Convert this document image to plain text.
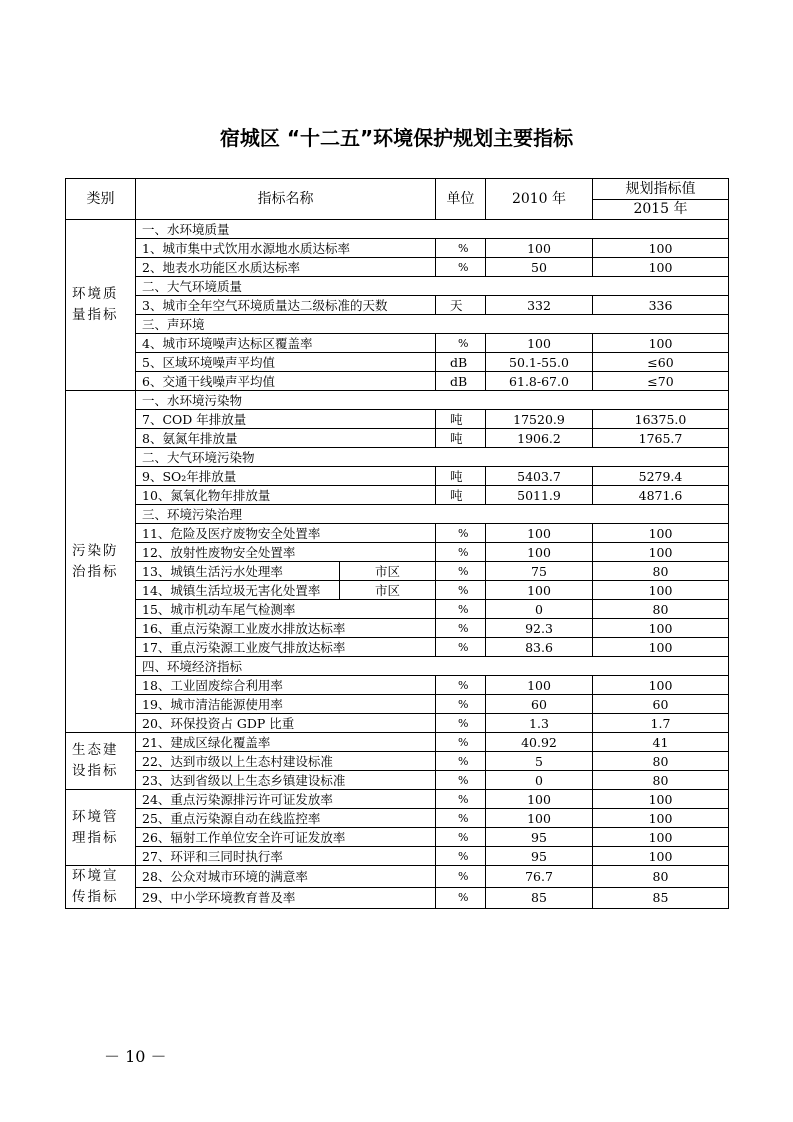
宿城区 “十二五”环境保护规划主要指标
类别	指标名称		单位	2010 年	规划指标值
					2015 年
环境质量指标	一、水环境质量				
	1、城市集中式饮用水源地水质达标率		%	100	100
	2、地表水功能区水质达标率		%	50	100
	二、大气环境质量				
	3、城市全年空气环境质量达二级标准的天数		天	332	336
	三、声环境				
	4、城市环境噪声达标区覆盖率		%	100	100
	5、区域环境噪声平均值		dB	50.1-55.0	≤60
	6、交通干线噪声平均值		dB	61.8-67.0	≤70
污染防治指标	一、水环境污染物				
	7、COD 年排放量		吨	17520.9	16375.0
	8、氨氮年排放量		吨	1906.2	1765.7
	二、大气环境污染物				
	9、SO₂年排放量		吨	5403.7	5279.4
	10、氮氧化物年排放量		吨	5011.9	4871.6
	三、环境污染治理				
	11、危险及医疗废物安全处置率		%	100	100
	12、放射性废物安全处置率		%	100	100
	13、城镇生活污水处理率	市区	%	75	80
	14、城镇生活垃圾无害化处置率	市区	%	100	100
	15、城市机动车尾气检测率		%	0	80
	16、重点污染源工业废水排放达标率		%	92.3	100
	17、重点污染源工业废气排放达标率		%	83.6	100
	四、环境经济指标				
	18、工业固废综合利用率		%	100	100
	19、城市清洁能源使用率		%	60	60
	20、环保投资占 GDP 比重		%	1.3	1.7
生态建设指标	21、建成区绿化覆盖率		%	40.92	41
	22、达到市级以上生态村建设标准		%	5	80
	23、达到省级以上生态乡镇建设标准		%	0	80
环境管理指标	24、重点污染源排污许可证发放率		%	100	100
	25、重点污染源自动在线监控率		%	100	100
	26、辐射工作单位安全许可证发放率		%	95	100
	27、环评和三同时执行率		%	95	100
环境宣传指标	28、公众对城市环境的满意率		%	76.7	80
	29、中小学环境教育普及率		%	85	85
－ 10 －
